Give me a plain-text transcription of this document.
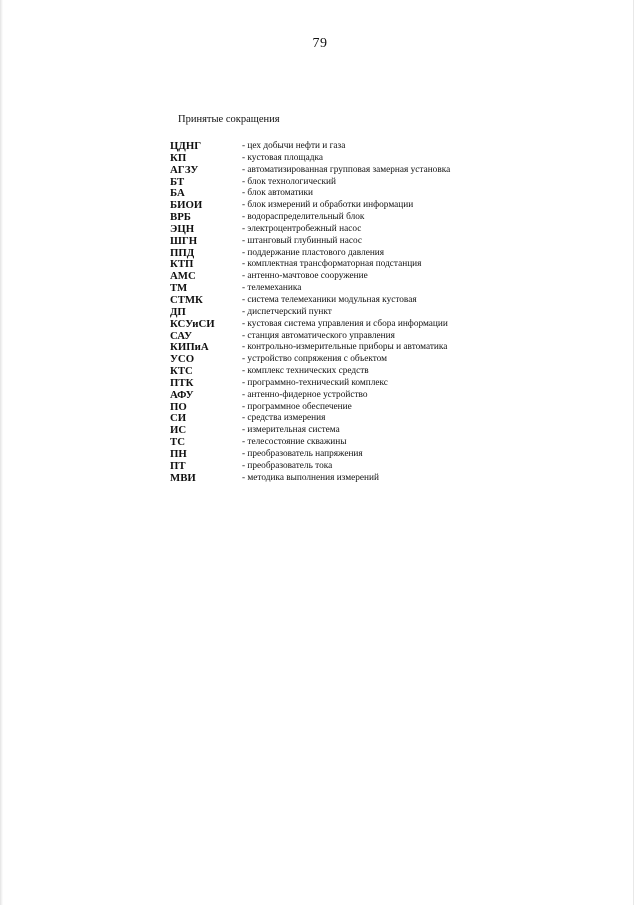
79
Принятые сокращения
ЦДНГ	- цех добычи нефти и газа
КП	- кустовая площадка
АГЗУ	- автоматизированная групповая замерная установка
БТ	- блок технологический
БА	- блок автоматики
БИОИ	- блок измерений и обработки информации
ВРБ	- водораспределительный блок
ЭЦН	- электроцентробежный насос
ШГН	- штанговый глубинный насос
ППД	- поддержание пластового давления
КТП	- комплектная трансформаторная подстанция
АМС	- антенно-мачтовое сооружение
ТМ	- телемеханика
СТМК	- система телемеханики модульная кустовая
ДП	- диспетчерский пункт
КСУиСИ	- кустовая система управления и сбора информации
САУ	- станция автоматического управления
КИПиА	- контрольно-измерительные приборы и автоматика
УСО	- устройство сопряжения с объектом
КТС	- комплекс технических средств
ПТК	- программно-технический комплекс
АФУ	- антенно-фидерное устройство
ПО	- программное обеспечение
СИ	- средства измерения
ИС	- измерительная система
ТС	- телесостояние скважины
ПН	- преобразователь напряжения
ПТ	- преобразователь тока
МВИ	- методика выполнения измерений
